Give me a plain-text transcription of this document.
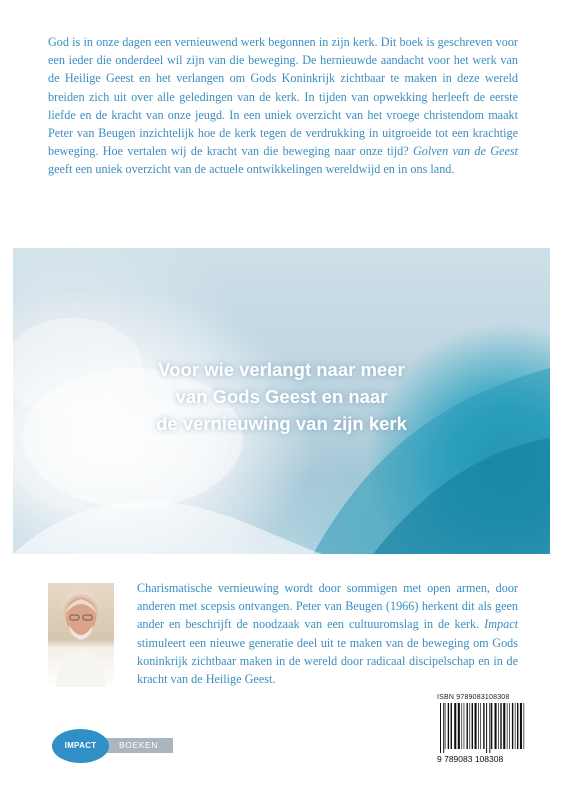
God is in onze dagen een vernieuwend werk begonnen in zijn kerk. Dit boek is geschreven voor een ieder die onderdeel wil zijn van die beweging. De hernieuwde aandacht voor het werk van de Heilige Geest en het verlangen om Gods Koninkrijk zichtbaar te maken in deze wereld breiden zich uit over alle geledingen van de kerk. In tijden van opwekking herleeft de eerste liefde en de kracht van onze jeugd. In een uniek overzicht van het vroege christendom maakt Peter van Beugen inzichtelijk hoe de kerk tegen de verdrukking in uitgroeide tot een krachtige beweging. Hoe vertalen wij de kracht van die beweging naar onze tijd? Golven van de Geest geeft een uniek overzicht van de actuele ontwikkelingen wereldwijd en in ons land.

Voor wie verlangt naar meer
van Gods Geest en naar
de vernieuwing van zijn kerk

Charismatische vernieuwing wordt door sommigen met open armen, door anderen met scepsis ontvangen. Peter van Beugen (1966) herkent dit als geen ander en beschrijft de noodzaak van een cultuuromslag in de kerk. Impact stimuleert een nieuwe generatie deel uit te maken van de beweging om Gods koninkrijk zichtbaar maken in de wereld door radicaal discipelschap en in de kracht van de Heilige Geest.

ISBN 9789083108308
9 789083 108308
BOEKEN
IMPACT
